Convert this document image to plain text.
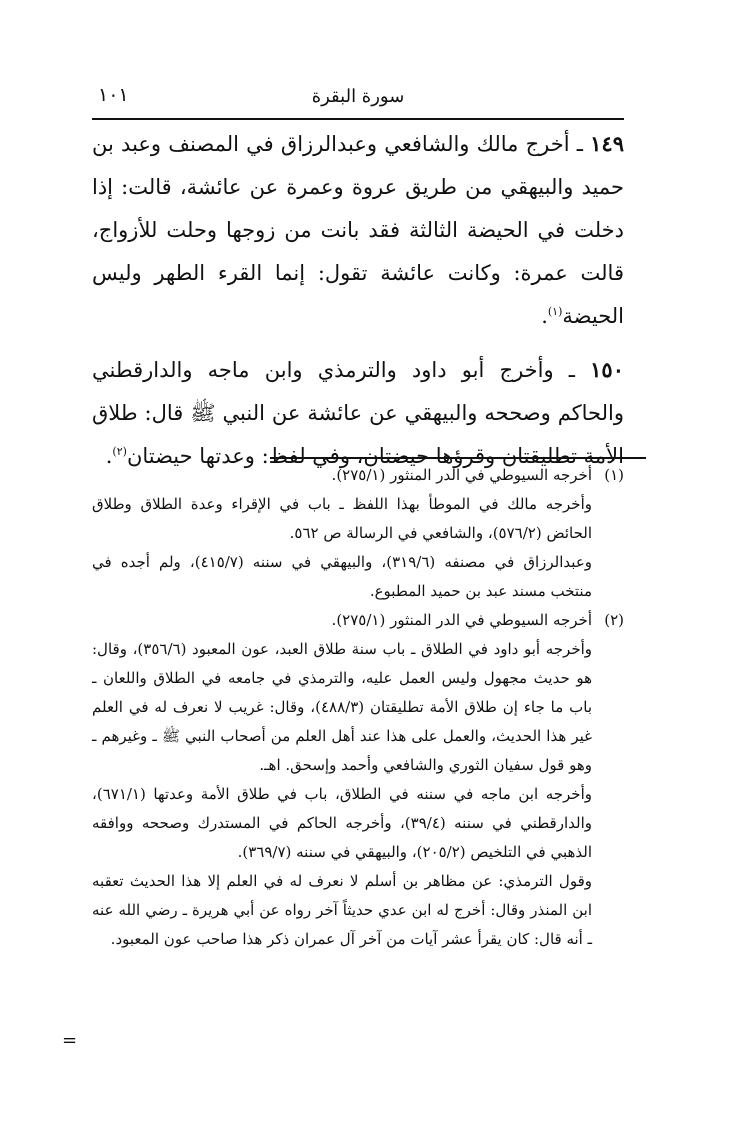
سورة البقرة
١٠١

١٤٩ ـ أخرج مالك والشافعي وعبدالرزاق في المصنف وعبد بن حميد والبيهقي من طريق عروة وعمرة عن عائشة، قالت: إذا دخلت في الحيضة الثالثة فقد بانت من زوجها وحلت للأزواج، قالت عمرة: وكانت عائشة تقول: إنما القرء الطهر وليس الحيضة$^{(١)}$.

١٥٠ ـ وأخرج أبو داود والترمذي وابن ماجه والدارقطني والحاكم وصححه والبيهقي عن عائشة عن النبي ﷺ قال: طلاق الأمة تطليقتان وقرؤها حيضتان، وفي لفظ: وعدتها حيضتان$^{(٢)}$.

(١)

أخرجه السيوطي في الدر المنثور (٢٧٥/١).

وأخرجه مالك في الموطأ بهذا اللفظ ـ باب في الإقراء وعدة الطلاق وطلاق الحائض (٥٧٦/٢)، والشافعي في الرسالة ص ٥٦٢.

وعبدالرزاق في مصنفه (٣١٩/٦)، والبيهقي في سننه (٤١٥/٧)، ولم أجده في منتخب مسند عبد بن حميد المطبوع.

(٢)

أخرجه السيوطي في الدر المنثور (٢٧٥/١).

وأخرجه أبو داود في الطلاق ـ باب سنة طلاق العبد، عون المعبود (٣٥٦/٦)، وقال: هو حديث مجهول وليس العمل عليه، والترمذي في جامعه في الطلاق واللعان ـ باب ما جاء إن طلاق الأمة تطليقتان (٤٨٨/٣)، وقال: غريب لا نعرف له في العلم غير هذا الحديث، والعمل على هذا عند أهل العلم من أصحاب النبي ﷺ ـ وغيرهم ـ وهو قول سفيان الثوري والشافعي وأحمد وإسحق. اهـ.

وأخرجه ابن ماجه في سننه في الطلاق، باب في طلاق الأمة وعدتها (٦٧١/١)، والدارقطني في سننه (٣٩/٤)، وأخرجه الحاكم في المستدرك وصححه ووافقه الذهبي في التلخيص (٢٠٥/٢)، والبيهقي في سننه (٣٦٩/٧).

وقول الترمذي: عن مظاهر بن أسلم لا نعرف له في العلم إلا هذا الحديث تعقبه ابن المنذر وقال: أخرج له ابن عدي حديثاً آخر رواه عن أبي هريرة ـ رضي الله عنه ـ أنه قال: كان يقرأ عشر آيات من آخر آل عمران ذكر هذا صاحب عون المعبود.

=
